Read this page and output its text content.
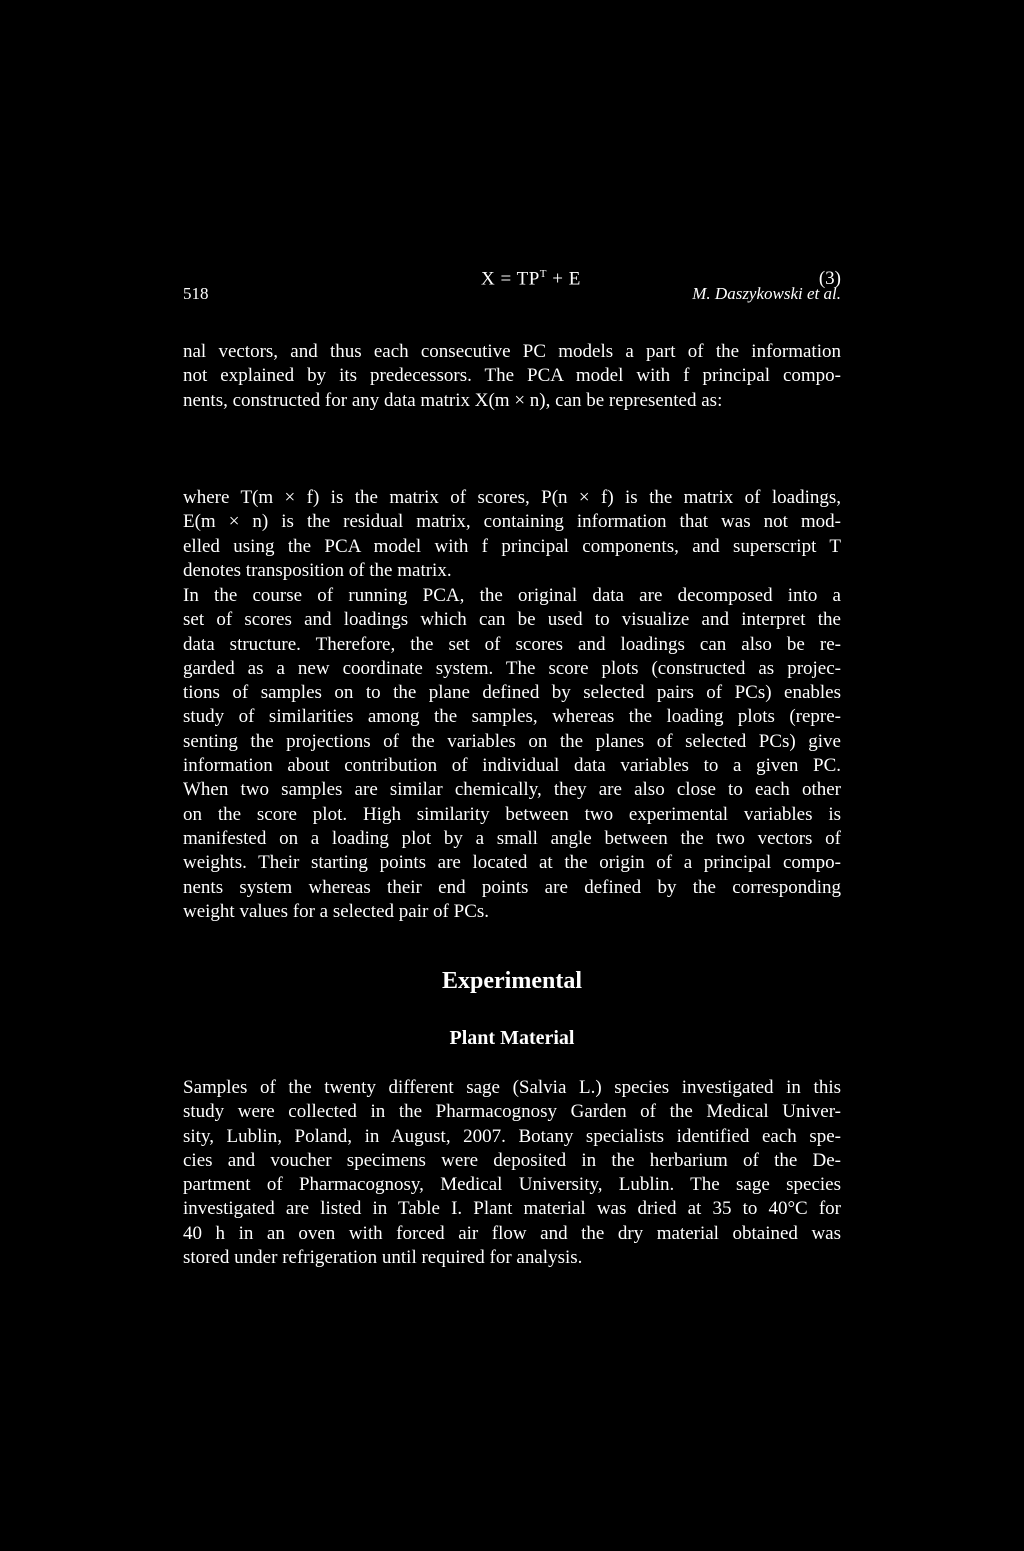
518	M. Daszykowski et al.
nal vectors, and thus each consecutive PC models a part of the information
not explained by its predecessors. The PCA model with f principal compo-
nents, constructed for any data matrix X(m × n), can be represented as:
$X = TP^T + E$	(3)
where T(m × f) is the matrix of scores, P(n × f) is the matrix of loadings,
E(m × n) is the residual matrix, containing information that was not mod-
elled using the PCA model with f principal components, and superscript T
denotes transposition of the matrix.
In the course of running PCA, the original data are decomposed into a
set of scores and loadings which can be used to visualize and interpret the
data structure. Therefore, the set of scores and loadings can also be re-
garded as a new coordinate system. The score plots (constructed as projec-
tions of samples on to the plane defined by selected pairs of PCs) enables
study of similarities among the samples, whereas the loading plots (repre-
senting the projections of the variables on the planes of selected PCs) give
information about contribution of individual data variables to a given PC.
When two samples are similar chemically, they are also close to each other
on the score plot. High similarity between two experimental variables is
manifested on a loading plot by a small angle between the two vectors of
weights. Their starting points are located at the origin of a principal compo-
nents system whereas their end points are defined by the corresponding
weight values for a selected pair of PCs.
Experimental
Plant Material
Samples of the twenty different sage (Salvia L.) species investigated in this
study were collected in the Pharmacognosy Garden of the Medical Univer-
sity, Lublin, Poland, in August, 2007. Botany specialists identified each spe-
cies and voucher specimens were deposited in the herbarium of the De-
partment of Pharmacognosy, Medical University, Lublin. The sage species
investigated are listed in Table I. Plant material was dried at 35 to 40°C for
40 h in an oven with forced air flow and the dry material obtained was
stored under refrigeration until required for analysis.
